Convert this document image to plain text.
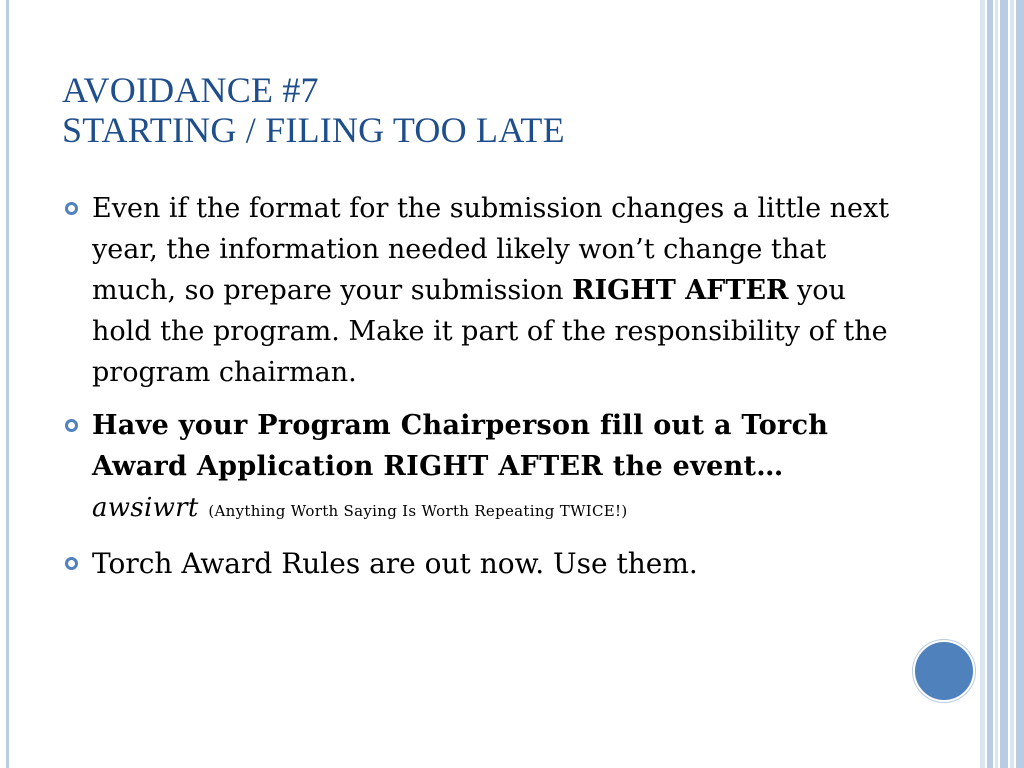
AVOIDANCE #7
STARTING / FILING TOO LATE
Even if the format for the submission changes a little next year, the information needed likely won’t change that much, so prepare your submission RIGHT AFTER you hold the program. Make it part of the responsibility of the program chairman.
Have your Program Chairperson fill out a Torch Award Application RIGHT AFTER the event… awsiwrt (Anything Worth Saying Is Worth Repeating TWICE!)
Torch Award Rules are out now. Use them.
